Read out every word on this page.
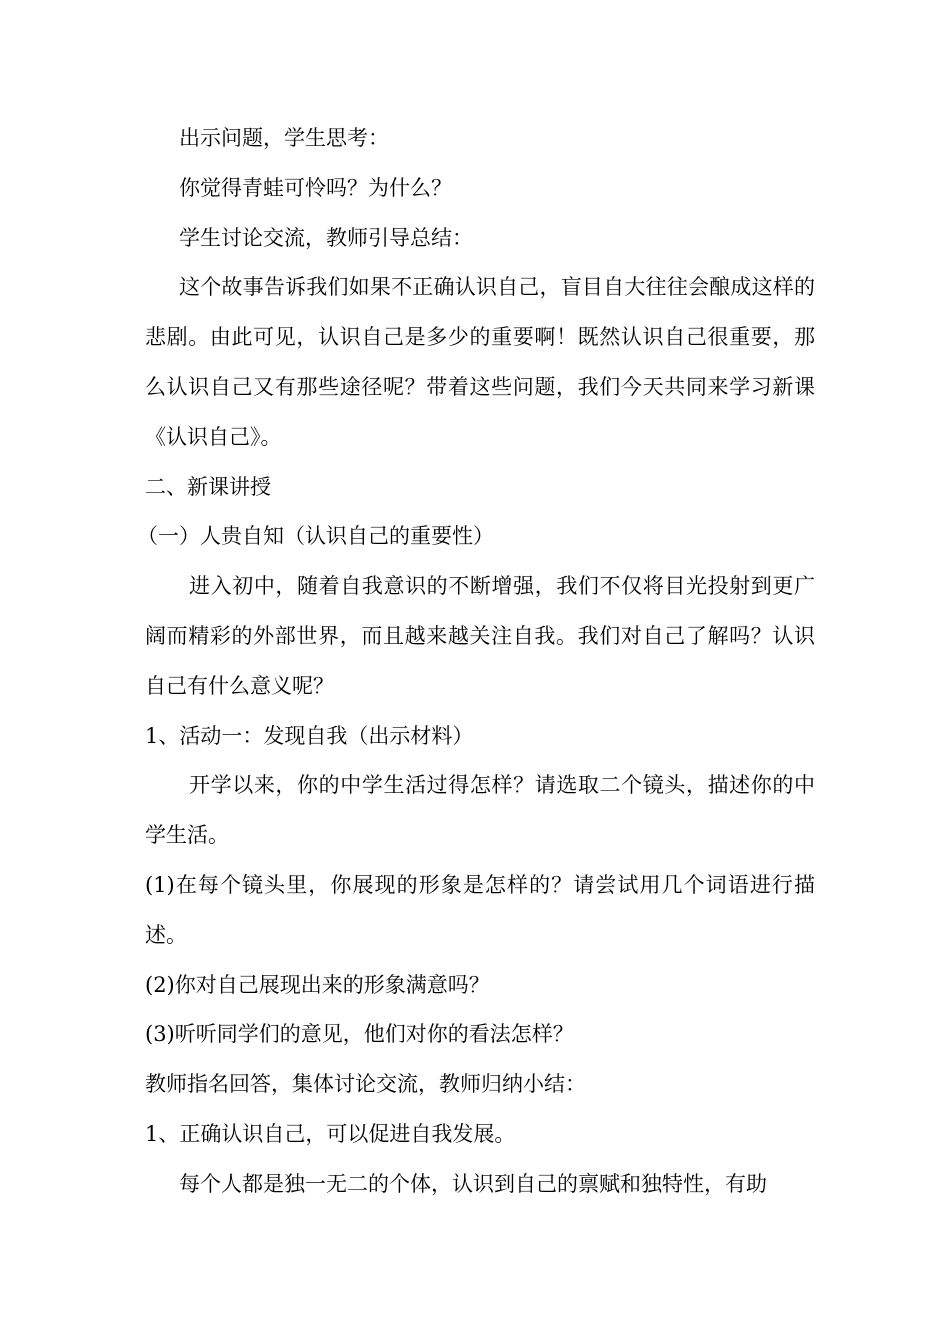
出示问题，学生思考：
你觉得青蛙可怜吗？为什么？
学生讨论交流，教师引导总结：
这个故事告诉我们如果不正确认识自己，盲目自大往往会酿成这样的悲剧。由此可见，认识自己是多少的重要啊！既然认识自己很重要，那么认识自己又有那些途径呢？带着这些问题，我们今天共同来学习新课《认识自己》。
二、新课讲授
（一）人贵自知（认识自己的重要性）
进入初中，随着自我意识的不断增强，我们不仅将目光投射到更广阔而精彩的外部世界，而且越来越关注自我。我们对自己了解吗？认识自己有什么意义呢？
1、活动一：发现自我（出示材料）
开学以来，你的中学生活过得怎样？请选取二个镜头，描述你的中学生活。
(1)在每个镜头里，你展现的形象是怎样的？请尝试用几个词语进行描述。
(2)你对自己展现出来的形象满意吗？
(3)听听同学们的意见，他们对你的看法怎样？
教师指名回答，集体讨论交流，教师归纳小结：
1、正确认识自己，可以促进自我发展。
每个人都是独一无二的个体，认识到自己的禀赋和独特性，有助
